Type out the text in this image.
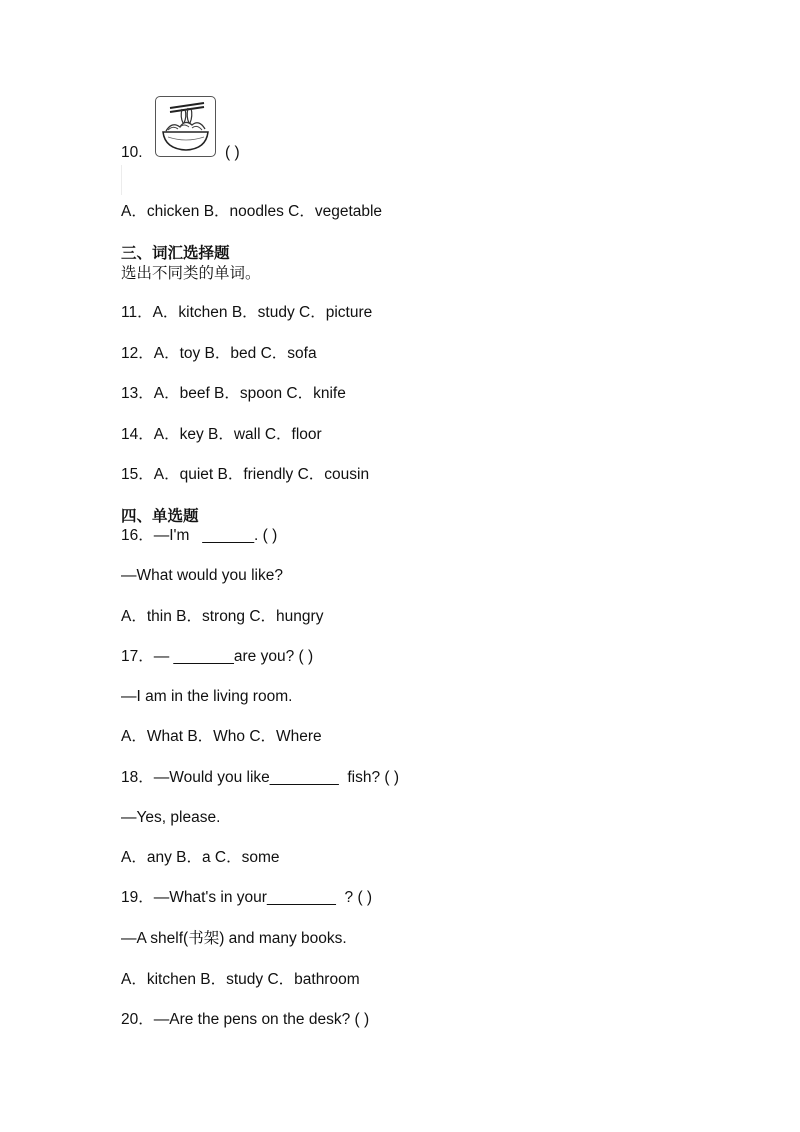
10.	( )
A．chicken B．noodles C．vegetable
三、词汇选择题
选出不同类的单词。
11．A．kitchen B．study C．picture
12．A．toy B．bed C．sofa
13．A．beef B．spoon C．knife
14．A．key B．wall C．floor
15．A．quiet B．friendly C．cousin
四、单选题
16．—I'm   ______. ( )
—What would you like?
A．thin B．strong C．hungry
17．— _______are you? ( )
—I am in the living room.
A．What B．Who C．Where
18．—Would you like________  fish? ( )
—Yes, please.
A．any B．a C．some
19．—What's in your________  ? ( )
—A shelf(书架) and many books.
A．kitchen B．study C．bathroom
20．—Are the pens on the desk? ( )
